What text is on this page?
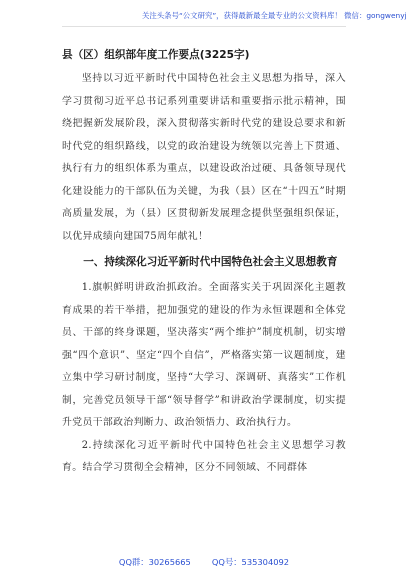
关注头条号“公文研究”，获得最新最全最专业的公文资料库！ 微信：gongwenyj
县（区）组织部年度工作要点(3225字)

坚持以习近平新时代中国特色社会主义思想为指导，深入学习贯彻习近平总书记系列重要讲话和重要指示批示精神，围绕把握新发展阶段，深入贯彻落实新时代党的建设总要求和新时代党的组织路线，以党的政治建设为统领以完善上下贯通、执行有力的组织体系为重点，以建设政治过硬、具备领导现代化建设能力的干部队伍为关键，为我（县）区在“十四五”时期高质量发展，为（县）区贯彻新发展理念提供坚强组织保证，以优异成绩向建国75周年献礼！

一、持续深化习近平新时代中国特色社会主义思想教育

1.旗帜鲜明讲政治抓政治。全面落实关于巩固深化主题教育成果的若干举措，把加强党的建设的作为永恒课题和全体党员、干部的终身课题，坚决落实“两个维护”制度机制，切实增强“四个意识”、坚定“四个自信”，严格落实第一议题制度，建立集中学习研讨制度，坚持“大学习、深调研、真落实”工作机制，完善党员领导干部“领导督学”和讲政治学课制度，切实提升党员干部政治判断力、政治领悟力、政治执行力。

2.持续深化习近平新时代中国特色社会主义思想学习教育。结合学习贯彻全会精神，区分不同领域、不同群体

QQ群：30265665        QQ号：535304092
